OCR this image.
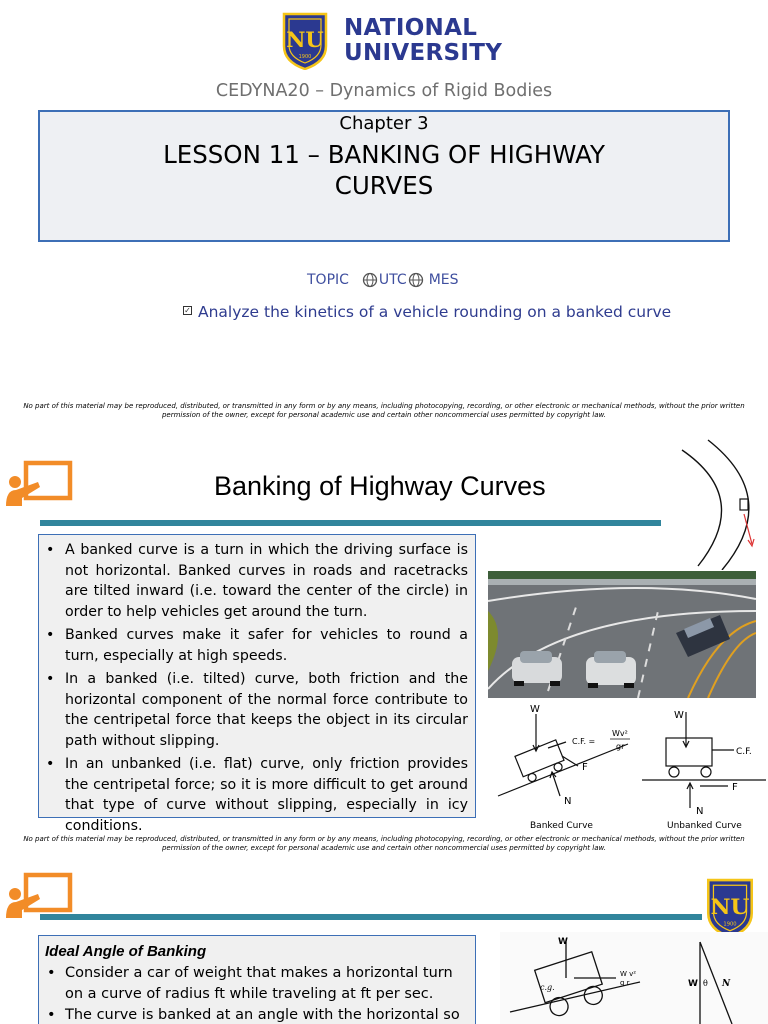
NU
1900
NATIONAL
UNIVERSITY
CEDYNA20 – Dynamics of Rigid Bodies
Chapter 3
LESSON 11 – BANKING OF HIGHWAY CURVES
TOPIC UTC MES
✓ Analyze the kinetics of a vehicle rounding on a banked curve
No part of this material may be reproduced, distributed, or transmitted in any form or by any means, including photocopying, recording, or other electronic or mechanical methods, without the prior written permission of the owner, except for personal academic use and certain other noncommercial uses permitted by copyright law.
Banking of Highway Curves
• A banked curve is a turn in which the driving surface is not horizontal. Banked curves in roads and racetracks are tilted inward (i.e. toward the center of the circle) in order to help vehicles get around the turn.
• Banked curves make it safer for vehicles to round a turn, especially at high speeds.
• In a banked (i.e. tilted) curve, both friction and the horizontal component of the normal force contribute to the centripetal force that keeps the object in its circular path without slipping.
• In an unbanked (i.e. flat) curve, only friction provides the centripetal force; so it is more difficult to get around that type of curve without slipping, especially in icy conditions.
W
C.F. =
Wv²
gr
F
N
W
C.F.
F
N
Banked Curve	Unbanked Curve
No part of this material may be reproduced, distributed, or transmitted in any form or by any means, including photocopying, recording, or other electronic or mechanical methods, without the prior written permission of the owner, except for personal academic use and certain other noncommercial uses permitted by copyright law.
NU
1900
Ideal Angle of Banking
• Consider a car of weight that makes a horizontal turn on a curve of radius ft while traveling at ft per sec.
• The curve is banked at an angle with the horizontal so
W
c.g.
W v²
g r	W θ N
